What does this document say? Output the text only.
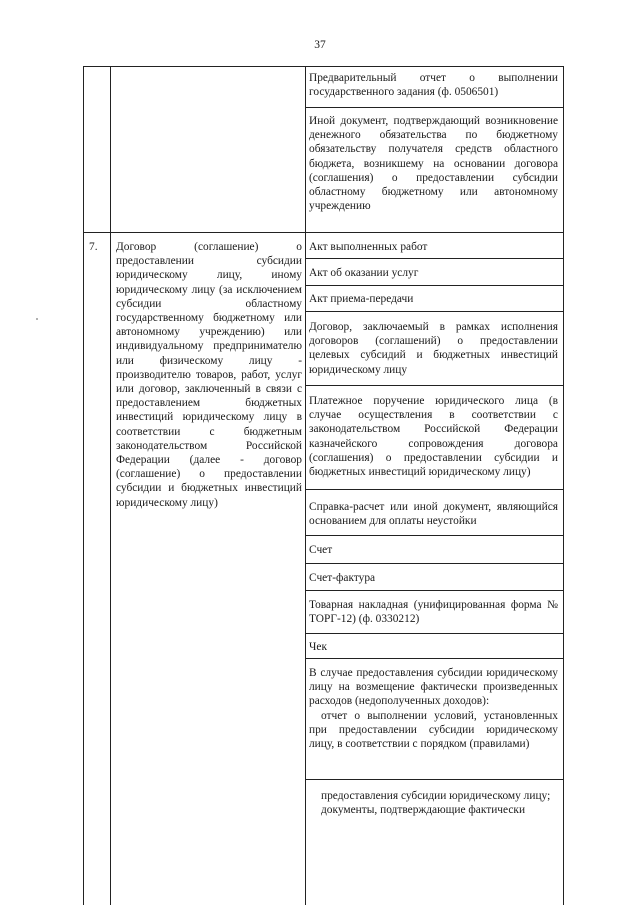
37

Предварительный отчет о выполнении государственного задания (ф. 0506501)

Иной документ, подтверждающий возникновение денежного обязательства по бюджетному обязательству получателя средств областного бюджета, возникшему на основании договора (соглашения) о предоставлении субсидии областному бюджетному или автономному учреждению

7.	Договор (соглашение) о предоставлении субсидии юридическому лицу, иному юридическому лицу (за исключением субсидии областному государственному бюджетному или автономному учреждению) или индивидуальному предпринимателю или физическому лицу - производителю товаров, работ, услуг или договор, заключенный в связи с предоставлением бюджетных инвестиций юридическому лицу в соответствии с бюджетным законодательством Российской Федерации (далее - договор (соглашение) о предоставлении субсидии и бюджетных инвестиций юридическому лицу)

Акт выполненных работ

Акт об оказании услуг

Акт приема-передачи

Договор, заключаемый в рамках исполнения договоров (соглашений) о предоставлении целевых субсидий и бюджетных инвестиций юридическому лицу

Платежное поручение юридического лица (в случае осуществления в соответствии с законодательством Российской Федерации казначейского сопровождения договора (соглашения) о предоставлении субсидии и бюджетных инвестиций юридическому лицу)

Справка-расчет или иной документ, являющийся основанием для оплаты неустойки

Счет

Счет-фактура

Товарная накладная (унифицированная форма № ТОРГ-12) (ф. 0330212)

Чек

В случае предоставления субсидии юридическому лицу на возмещение фактически произведенных расходов (недополученных доходов):

отчет о выполнении условий, установленных при предоставлении субсидии юридическому лицу, в соответствии с порядком (правилами)

предоставления субсидии юридическому лицу;

документы, подтверждающие фактически
